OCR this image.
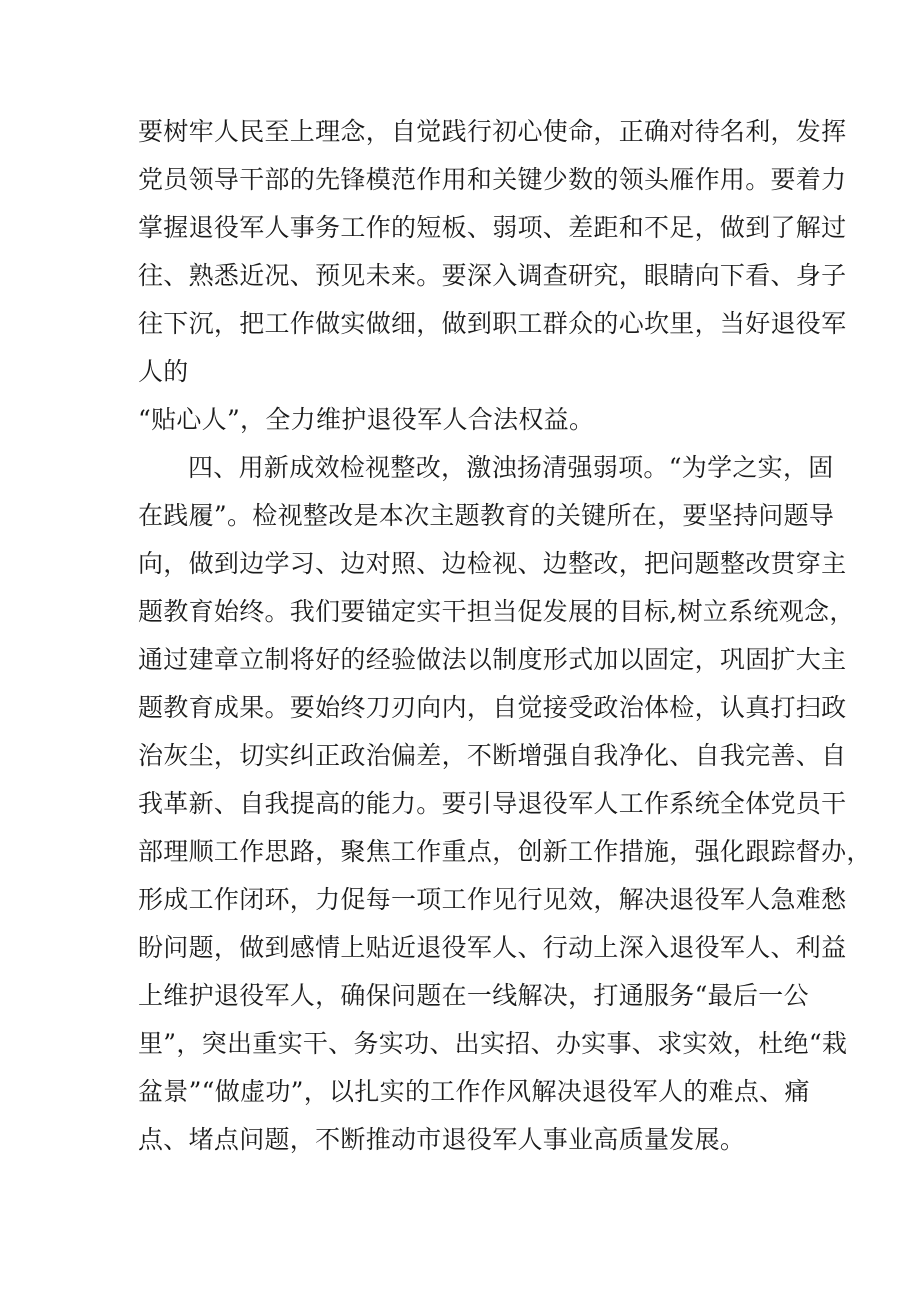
要树牢人民至上理念，自觉践行初心使命，正确对待名利，发挥
党员领导干部的先锋模范作用和关键少数的领头雁作用。要着力
掌握退役军人事务工作的短板、弱项、差距和不足，做到了解过
往、熟悉近况、预见未来。要深入调查研究，眼睛向下看、身子
往下沉，把工作做实做细，做到职工群众的心坎里，当好退役军
人的
“贴心人”，全力维护退役军人合法权益。
四、用新成效检视整改，激浊扬清强弱项。“为学之实，固
在践履”。检视整改是本次主题教育的关键所在，要坚持问题导
向，做到边学习、边对照、边检视、边整改，把问题整改贯穿主
题教育始终。我们要锚定实干担当促发展的目标,树立系统观念，
通过建章立制将好的经验做法以制度形式加以固定，巩固扩大主
题教育成果。要始终刀刃向内，自觉接受政治体检，认真打扫政
治灰尘，切实纠正政治偏差，不断增强自我净化、自我完善、自
我革新、自我提高的能力。要引导退役军人工作系统全体党员干
部理顺工作思路，聚焦工作重点，创新工作措施，强化跟踪督办，
形成工作闭环，力促每一项工作见行见效，解决退役军人急难愁
盼问题，做到感情上贴近退役军人、行动上深入退役军人、利益
上维护退役军人，确保问题在一线解决，打通服务“最后一公
里”，突出重实干、务实功、出实招、办实事、求实效，杜绝“栽
盆景”“做虚功”，以扎实的工作作风解决退役军人的难点、痛
点、堵点问题，不断推动市退役军人事业高质量发展。
